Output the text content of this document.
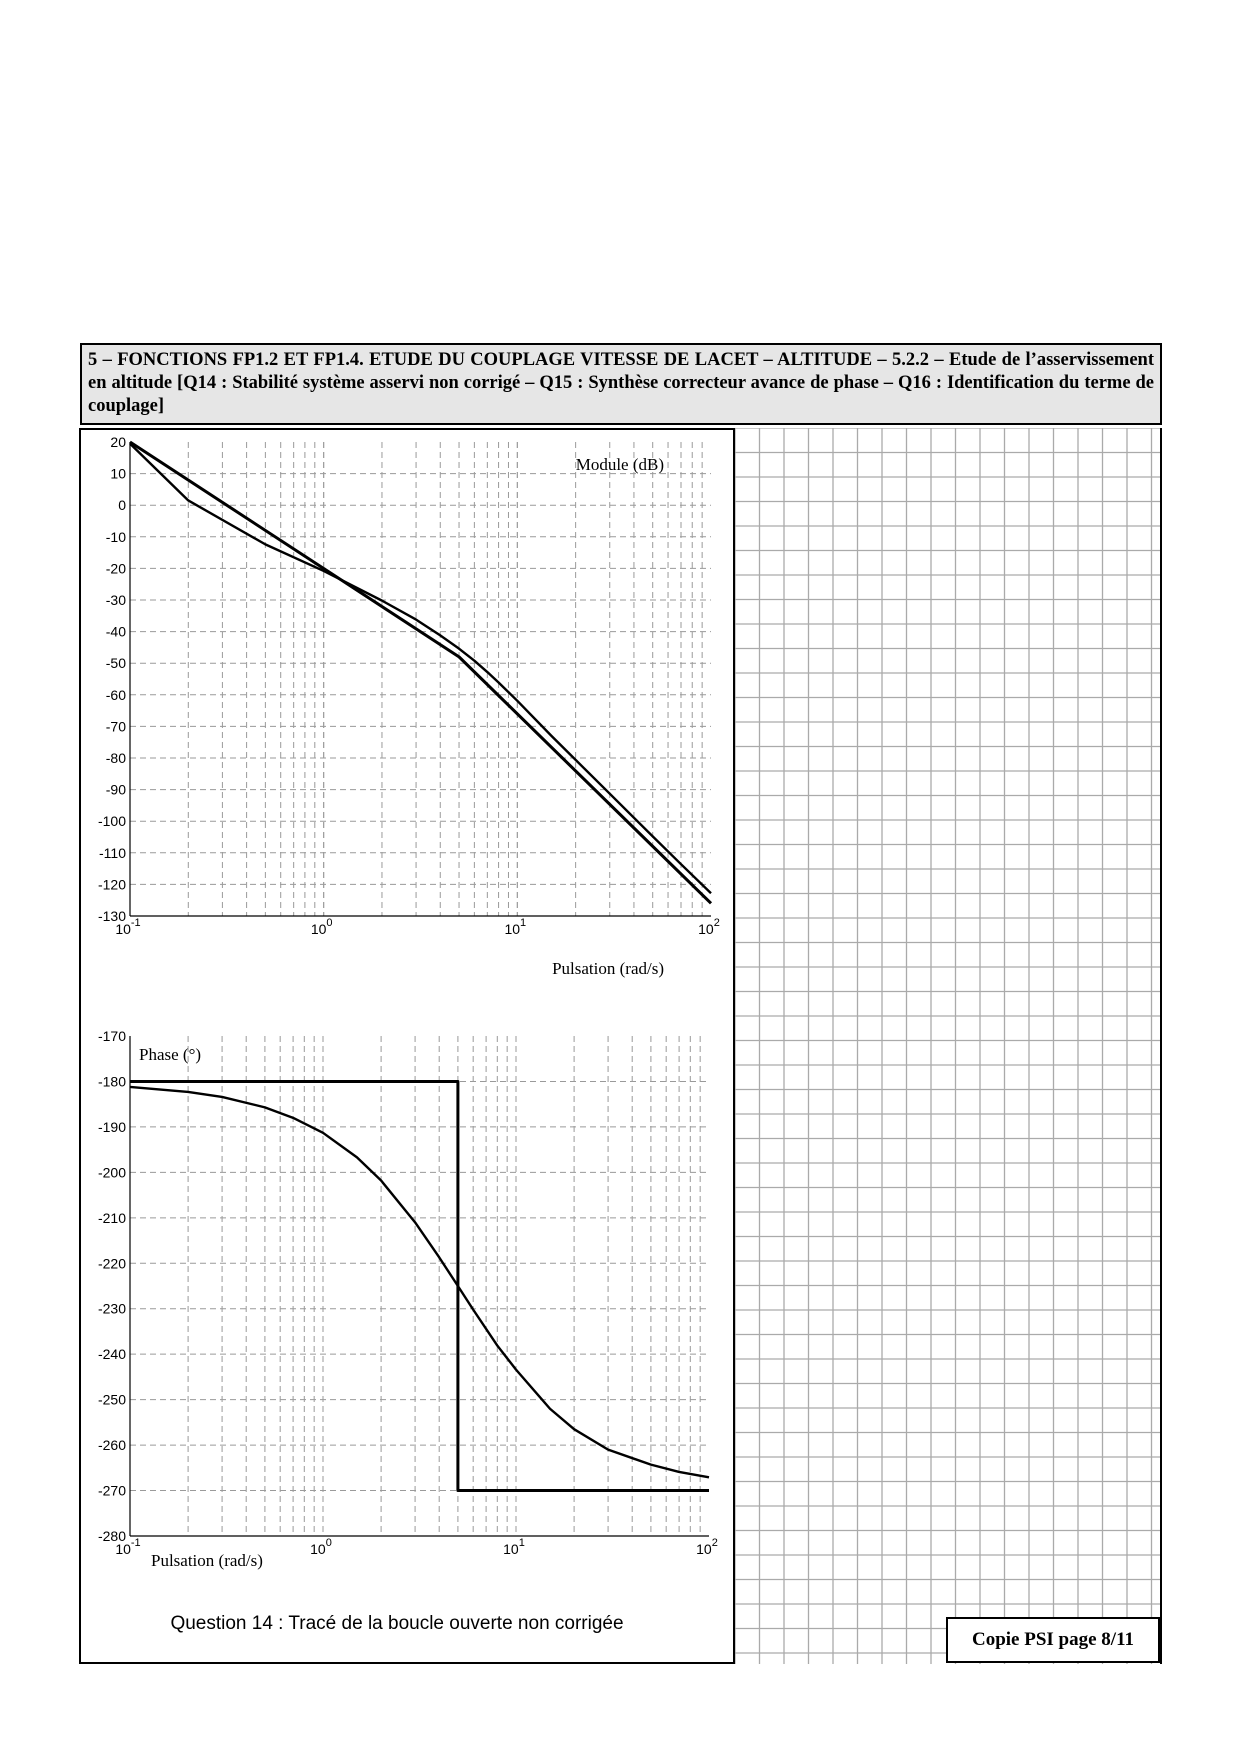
5 – FONCTIONS FP1.2 ET FP1.4. ETUDE DU COUPLAGE VITESSE DE LACET – ALTITUDE – 5.2.2 – Etude de l’asservissement en altitude [Q14 : Stabilité système asservi non corrigé – Q15 : Synthèse correcteur avance de phase – Q16 : Identification du terme de couplage]
20
10
0
-10
-20
-30
-40
-50
-60
-70
-80
-90
-100
-110
-120
-130
$10^{-1}$	$10^0$	$10^1$	$10^2$
Module (dB)
Pulsation (rad/s)
-170
-180
-190
-200
-210
-220
-230
-240
-250
-260
-270
-280
$10^{-1}$	$10^0$	$10^1$	$10^2$
Phase (°)
Pulsation (rad/s)
Question 14 : Tracé de la boucle ouverte non corrigée
Copie PSI page 8/11
